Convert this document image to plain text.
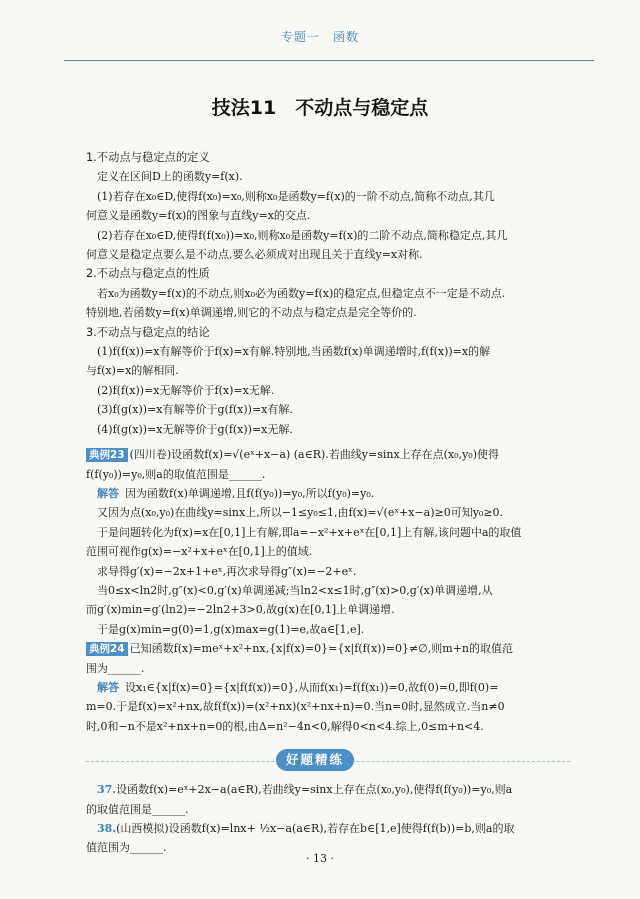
专题一　函数
技法11　不动点与稳定点
1.不动点与稳定点的定义
定义在区间D上的函数y=f(x).
(1)若存在x₀∈D,使得f(x₀)=x₀,则称x₀是函数y=f(x)的一阶不动点,简称不动点,其几
何意义是函数y=f(x)的图象与直线y=x的交点.
(2)若存在x₀∈D,使得f(f(x₀))=x₀,则称x₀是函数y=f(x)的二阶不动点,简称稳定点,其几
何意义是稳定点要么是不动点,要么必须成对出现且关于直线y=x对称.
2.不动点与稳定点的性质
若x₀为函数y=f(x)的不动点,则x₀必为函数y=f(x)的稳定点,但稳定点不一定是不动点.
特别地,若函数y=f(x)单调递增,则它的不动点与稳定点是完全等价的.
3.不动点与稳定点的结论
(1)f(f(x))=x有解等价于f(x)=x有解.特别地,当函数f(x)单调递增时,f(f(x))=x的解
与f(x)=x的解相同.
(2)f(f(x))=x无解等价于f(x)=x无解.
(3)f(g(x))=x有解等价于g(f(x))=x有解.
(4)f(g(x))=x无解等价于g(f(x))=x无解.
典例23 (四川卷)设函数f(x)=√(eˣ+x−a) (a∈R).若曲线y=sinx上存在点(x₀,y₀)使得
f(f(y₀))=y₀,则a的取值范围是______.
解答 因为函数f(x)单调递增,且f(f(y₀))=y₀,所以f(y₀)=y₀.
又因为点(x₀,y₀)在曲线y=sinx上,所以−1≤y₀≤1,由f(x)=√(eˣ+x−a)≥0可知y₀≥0.
于是问题转化为f(x)=x在[0,1]上有解,即a=−x²+x+eˣ在[0,1]上有解,该问题中a的取值
范围可视作g(x)=−x²+x+eˣ在[0,1]上的值域.
求导得g′(x)=−2x+1+eˣ,再次求导得g″(x)=−2+eˣ.
当0≤x<ln2时,g″(x)<0,g′(x)单调递减;当ln2<x≤1时,g″(x)>0,g′(x)单调递增,从
而g′(x)min=g′(ln2)=−2ln2+3>0,故g(x)在[0,1]上单调递增.
于是g(x)min=g(0)=1,g(x)max=g(1)=e,故a∈[1,e].
典例24 已知函数f(x)=meˣ+x²+nx,{x|f(x)=0}={x|f(f(x))=0}≠∅,则m+n的取值范
围为______.
解答 设x₁∈{x|f(x)=0}={x|f(f(x))=0},从而f(x₁)=f(f(x₁))=0,故f(0)=0,即f(0)=
m=0.于是f(x)=x²+nx,故f(f(x))=(x²+nx)(x²+nx+n)=0.当n=0时,显然成立.当n≠0
时,0和−n不是x²+nx+n=0的根,由Δ=n²−4n<0,解得0<n<4.综上,0≤m+n<4.
好题精练
37.设函数f(x)=eˣ+2x−a(a∈R),若曲线y=sinx上存在点(x₀,y₀),使得f(f(y₀))=y₀,则a
的取值范围是______.
38.(山西模拟)设函数f(x)=lnx+ ½x−a(a∈R),若存在b∈[1,e]使得f(f(b))=b,则a的取
值范围为______.
· 13 ·
